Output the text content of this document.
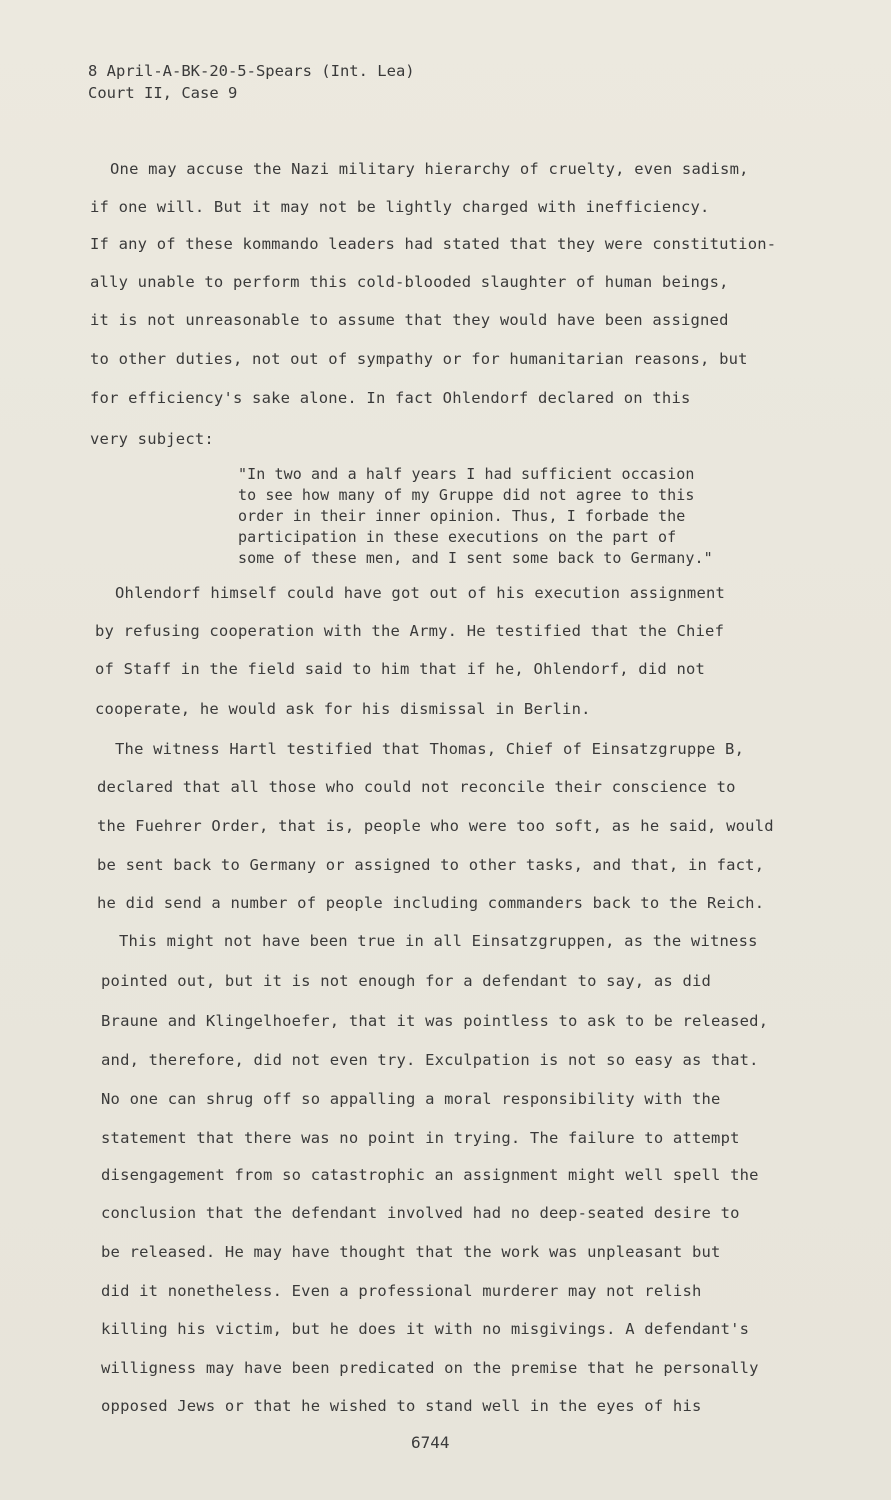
8 April-A-BK-20-5-Spears (Int. Lea)
Court II, Case 9
One may accuse the Nazi military hierarchy of cruelty, even sadism,
if one will. But it may not be lightly charged with inefficiency.
If any of these kommando leaders had stated that they were constitution-
ally unable to perform this cold-blooded slaughter of human beings,
it is not unreasonable to assume that they would have been assigned
to other duties, not out of sympathy or for humanitarian reasons, but
for efficiency's sake alone. In fact Ohlendorf declared on this
very subject:
"In two and a half years I had sufficient occasion
to see how many of my Gruppe did not agree to this
order in their inner opinion. Thus, I forbade the
participation in these executions on the part of
some of these men, and I sent some back to Germany."
Ohlendorf himself could have got out of his execution assignment
by refusing cooperation with the Army. He testified that the Chief
of Staff in the field said to him that if he, Ohlendorf, did not
cooperate, he would ask for his dismissal in Berlin.
The witness Hartl testified that Thomas, Chief of Einsatzgruppe B,
declared that all those who could not reconcile their conscience to
the Fuehrer Order, that is, people who were too soft, as he said, would
be sent back to Germany or assigned to other tasks, and that, in fact,
he did send a number of people including commanders back to the Reich.
This might not have been true in all Einsatzgruppen, as the witness
pointed out, but it is not enough for a defendant to say, as did
Braune and Klingelhoefer, that it was pointless to ask to be released,
and, therefore, did not even try. Exculpation is not so easy as that.
No one can shrug off so appalling a moral responsibility with the
statement that there was no point in trying. The failure to attempt
disengagement from so catastrophic an assignment might well spell the
conclusion that the defendant involved had no deep-seated desire to
be released. He may have thought that the work was unpleasant but
did it nonetheless. Even a professional murderer may not relish
killing his victim, but he does it with no misgivings. A defendant's
willigness may have been predicated on the premise that he personally
opposed Jews or that he wished to stand well in the eyes of his
6744
